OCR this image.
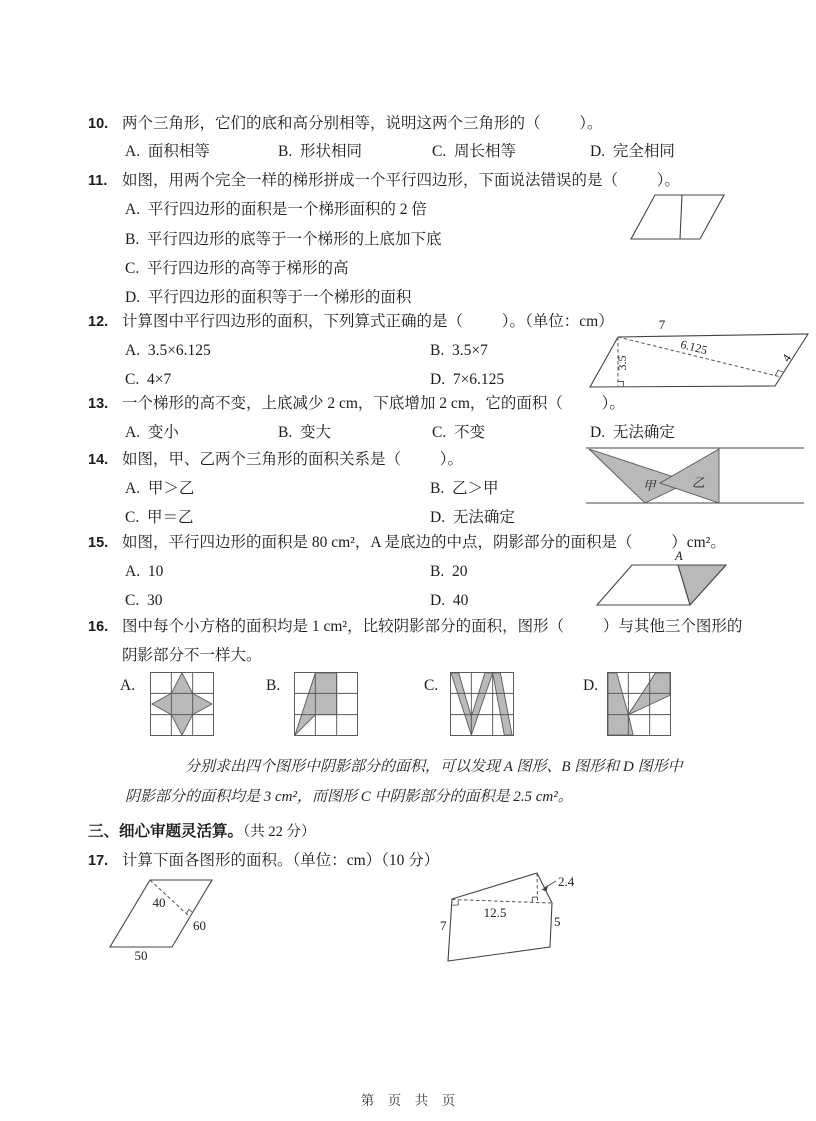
10. 两个三角形，它们的底和高分别相等，说明这两个三角形的（          ）。
A.  面积相等	B.  形状相同	C.  周长相等	D.  完全相同
11. 如图，用两个完全一样的梯形拼成一个平行四边形，下面说法错误的是（          ）。
A.  平行四边形的面积是一个梯形面积的 2 倍
B.  平行四边形的底等于一个梯形的上底加下底
C.  平行四边形的高等于梯形的高
D.  平行四边形的面积等于一个梯形的面积
12. 计算图中平行四边形的面积，下列算式正确的是（          ）。（单位：cm）
A.  3.5×6.125	B.  3.5×7
C.  4×7	D.  7×6.125
7
3.5
6.125
4
13. 一个梯形的高不变，上底减少 2 cm，下底增加 2 cm，它的面积（          ）。
A.  变小	B.  变大	C.  不变	D.  无法确定
14. 如图，甲、乙两个三角形的面积关系是（          ）。
A.  甲＞乙	B.  乙＞甲
C.  甲＝乙	D.  无法确定
甲	乙
15. 如图，平行四边形的面积是 80 cm²，A 是底边的中点，阴影部分的面积是（          ）cm²。
A.  10	B.  20
C.  30	D.  40
A
16. 图中每个小方格的面积均是 1 cm²，比较阴影部分的面积，图形（          ）与其他三个图形的
阴影部分不一样大。
A.	B.	C.	D.
分别求出四个图形中阴影部分的面积，可以发现 A 图形、B 图形和 D 图形中
阴影部分的面积均是 3 cm²，而图形 C 中阴影部分的面积是 2.5 cm²。
三、细心审题灵活算。（共 22 分）
17. 计算下面各图形的面积。（单位：cm）（10 分）
40
60
50
2.4
12.5
7	5
第　页　共　页
